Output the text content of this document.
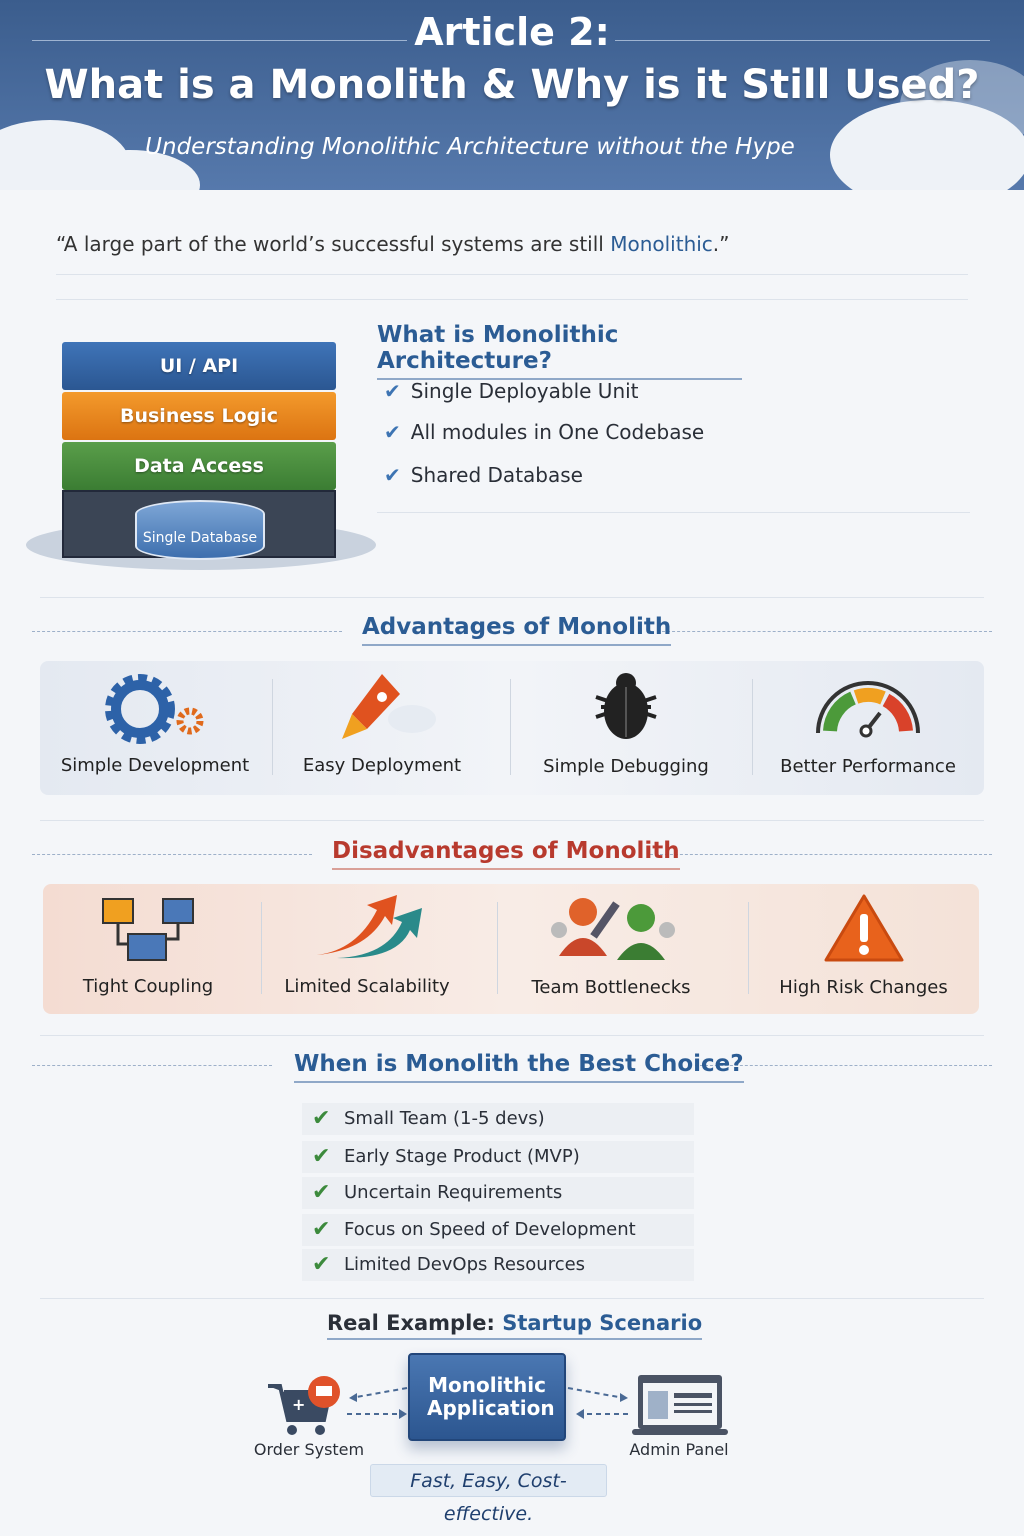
Article 2:
What is a Monolith & Why is it Still Used?
Understanding Monolithic Architecture without the Hype
“A large part of the world’s successful systems are still Monolithic.”
Single Database
UI / API
Business Logic
Data Access
What is Monolithic Architecture?
✔ Single Deployable Unit
✔ All modules in One Codebase
✔ Shared Database
Advantages of Monolith
Simple Development	Easy Deployment	Simple Debugging	Better Performance
Disadvantages of Monolith
Tight Coupling	Limited Scalability	Team Bottlenecks	High Risk Changes
When is Monolith the Best Choice?
✔ Small Team (1-5 devs)
✔ Early Stage Product (MVP)
✔ Uncertain Requirements
✔ Focus on Speed of Development
✔ Limited DevOps Resources
Real Example: Startup Scenario
+
Order System
Monolithic Application
Admin Panel
Fast, Easy, Cost-effective.
